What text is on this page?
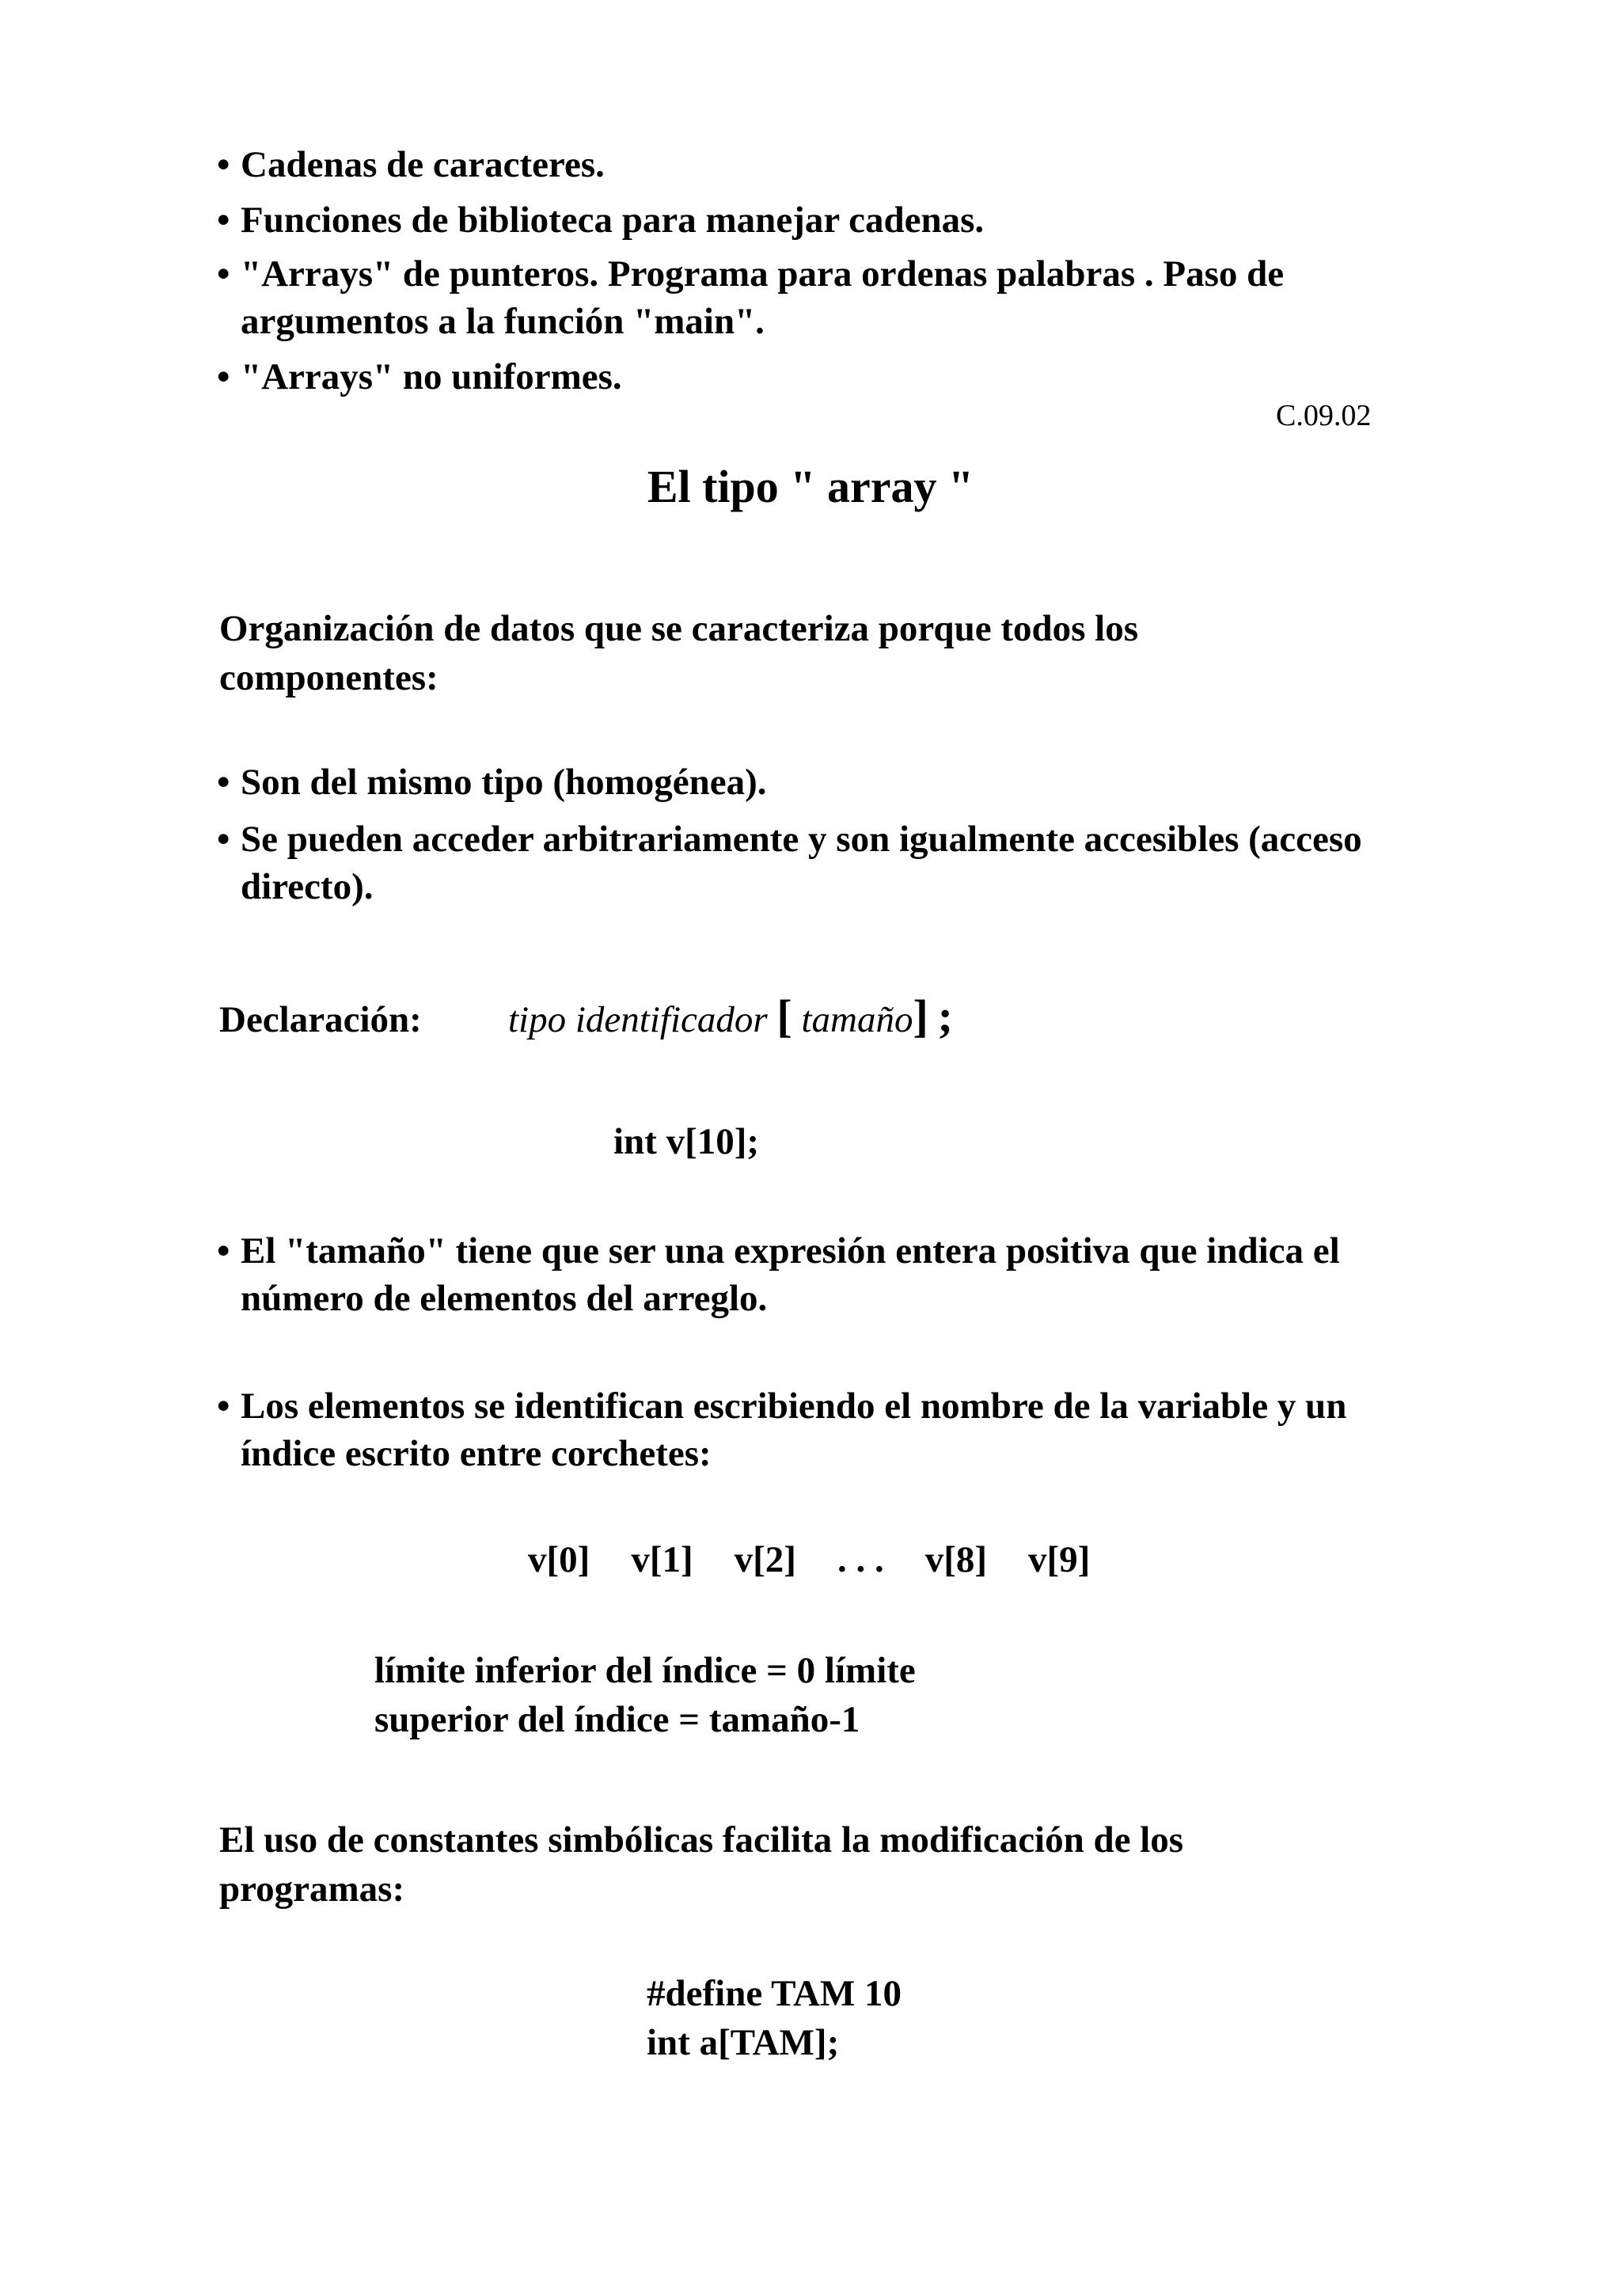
• Cadenas de caracteres.
• Funciones de biblioteca para manejar cadenas.
• "Arrays" de punteros. Programa para ordenas palabras . Paso de
argumentos a la función "main".
• "Arrays" no uniformes.
C.09.02
El tipo " array "
Organización de datos que se caracteriza porque todos los
componentes:
• Son del mismo tipo (homogénea).
• Se pueden acceder arbitrariamente y son igualmente accesibles (acceso
directo).
Declaración: tipo identificador [ tamaño] ;
int v[10];
• El "tamaño" tiene que ser una expresión entera positiva que indica el
número de elementos del arreglo.
• Los elementos se identifican escribiendo el nombre de la variable y un
índice escrito entre corchetes:
v[0] v[1] v[2] . . . v[8] v[9]
límite inferior del índice = 0 límite
superior del índice = tamaño-1
El uso de constantes simbólicas facilita la modificación de los
programas:
#define TAM 10
int a[TAM];
